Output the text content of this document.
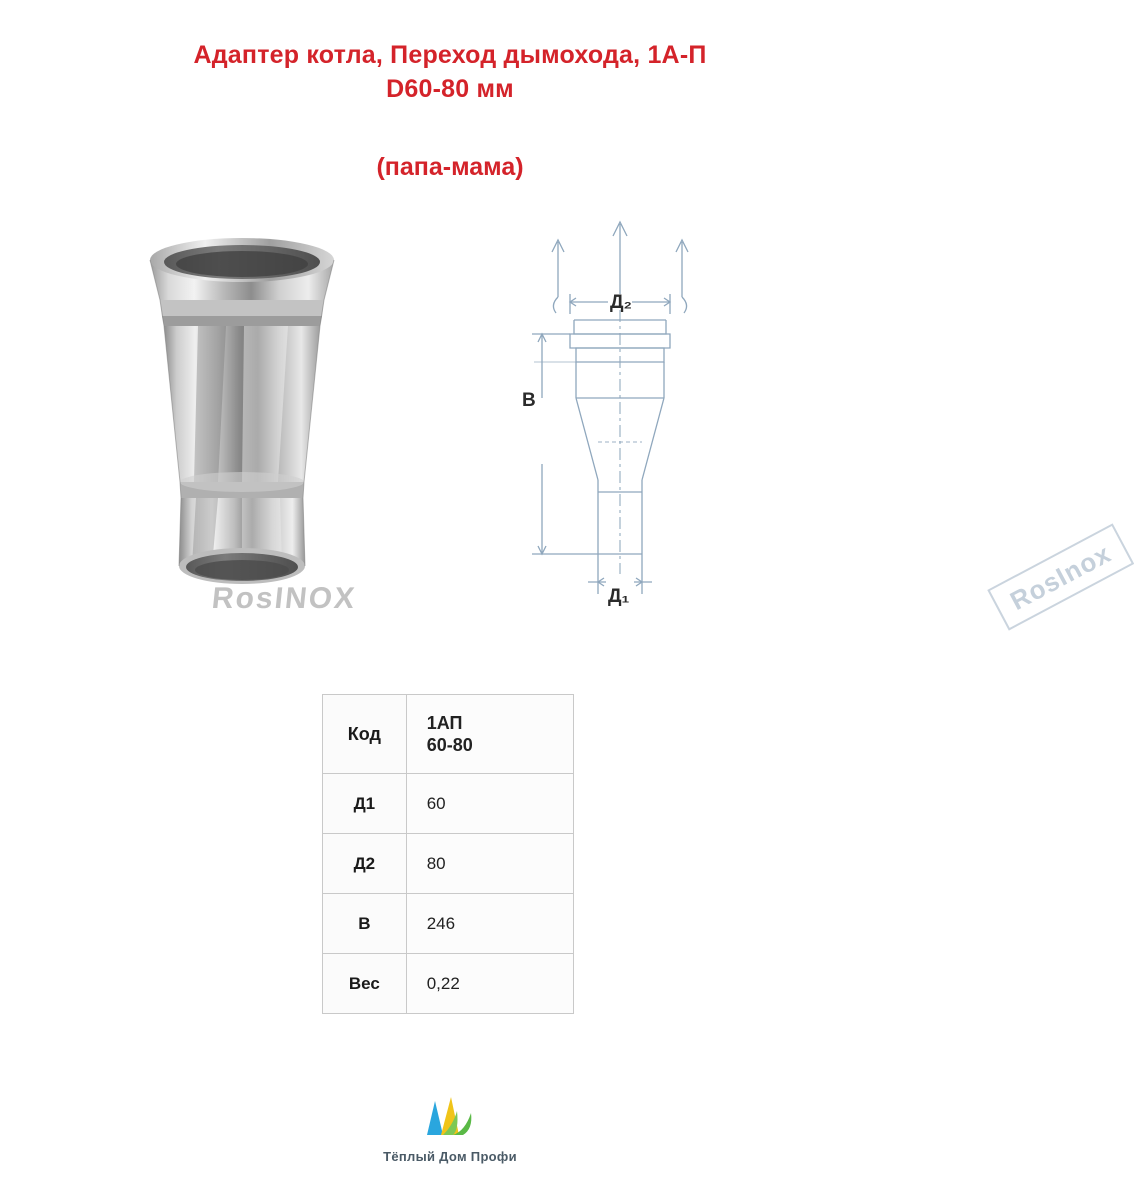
Адаптер котла, Переход дымохода, 1А-П
D60-80 мм
(папа-мама)
RosINOX
Д₂
В
Д₁	RosInox
Код	1АП
60-80

Д1	60
Д2	80
В	246
Вес	0,22
Тёплый Дом Профи
